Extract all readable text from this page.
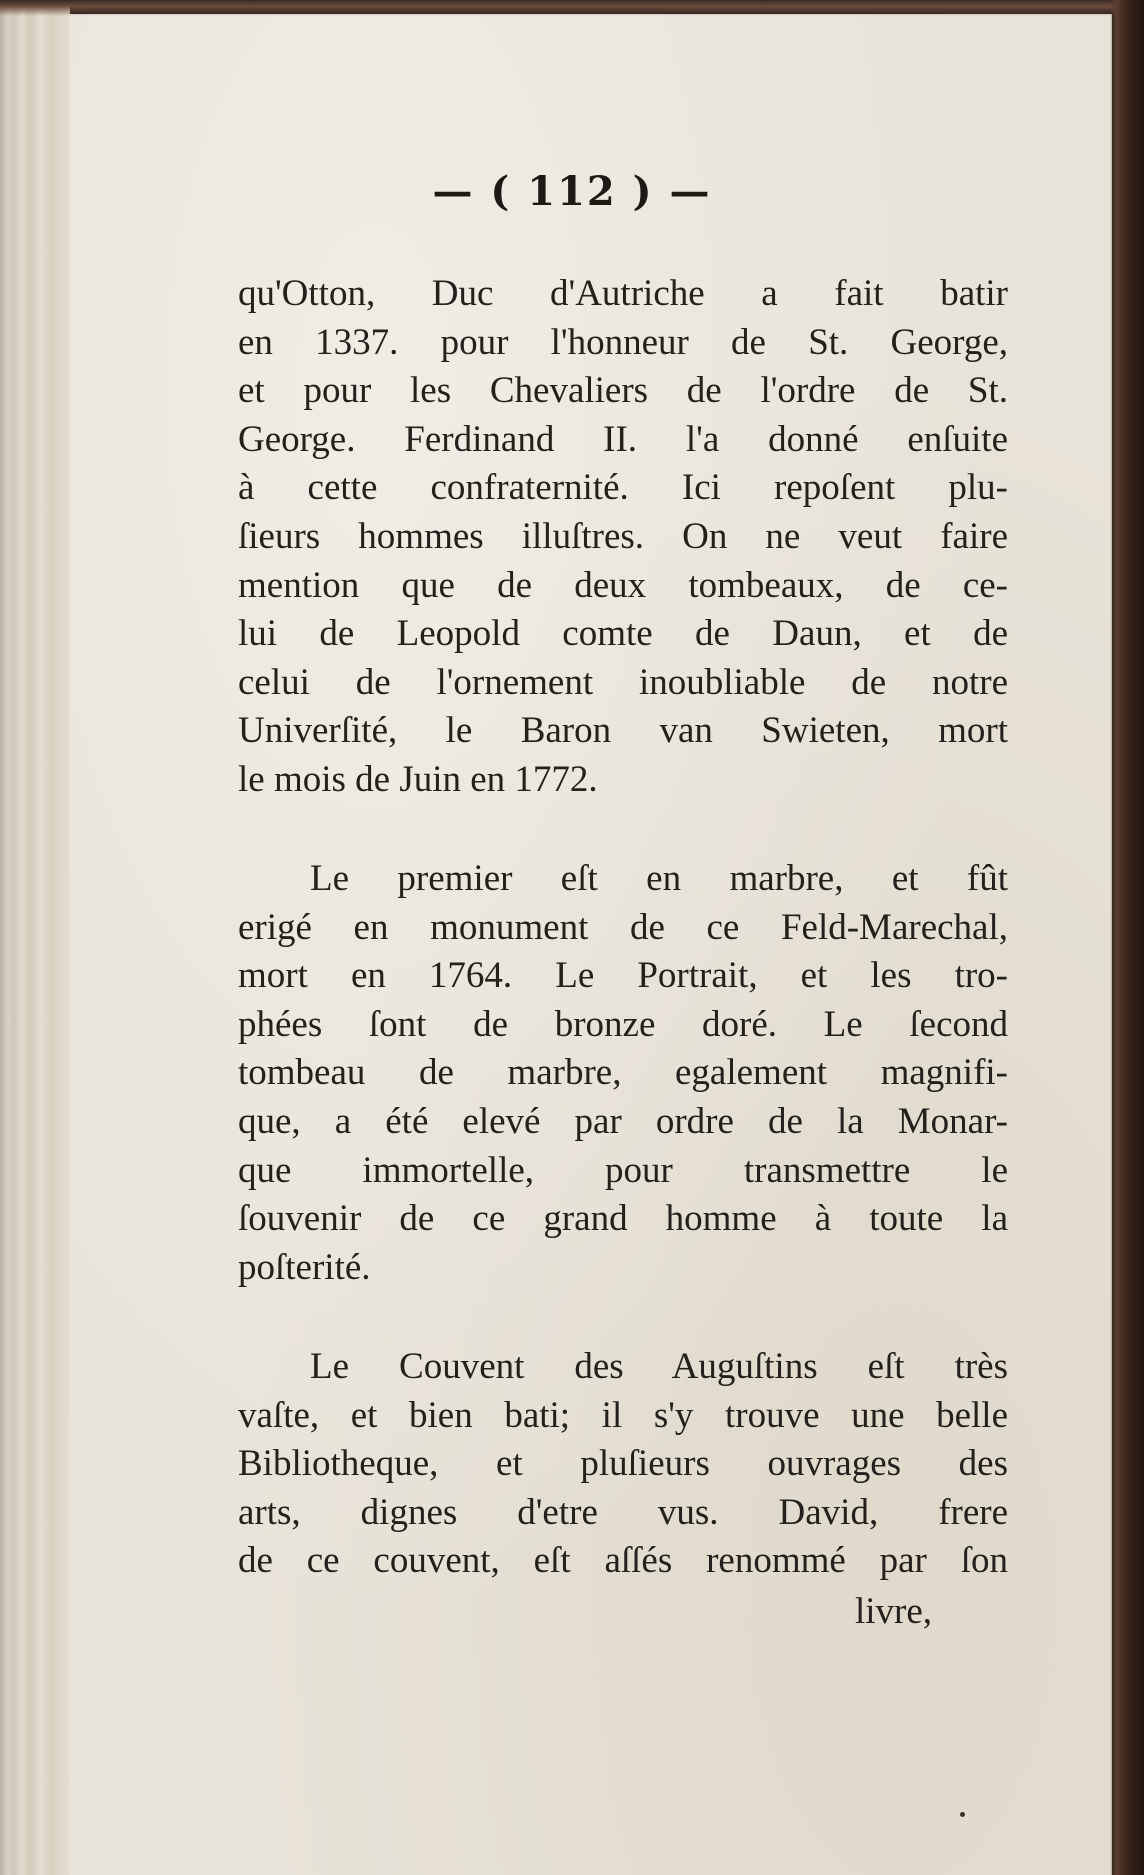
— ( 112 ) —
qu'Otton, Duc d'Autriche a fait batir
en 1337. pour l'honneur de St. George,
et pour les Chevaliers de l'ordre de St.
George. Ferdinand II. l'a donné enſuite
à cette confraternité. Ici repoſent plu-
ſieurs hommes illuſtres. On ne veut faire
mention que de deux tombeaux, de ce-
lui de Leopold comte de Daun, et de
celui de l'ornement inoubliable de notre
Univerſité, le Baron van Swieten, mort
le mois de Juin en 1772.
Le premier eſt en marbre, et fût
erigé en monument de ce Feld-Marechal,
mort en 1764. Le Portrait, et les tro-
phées ſont de bronze doré. Le ſecond
tombeau de marbre, egalement magnifi-
que, a été elevé par ordre de la Monar-
que immortelle, pour transmettre le
ſouvenir de ce grand homme à toute la
poſterité.
Le Couvent des Auguſtins eſt très
vaſte, et bien bati; il s'y trouve une belle
Bibliotheque, et pluſieurs ouvrages des
arts, dignes d'etre vus. David, frere
de ce couvent, eſt aſſés renommé par ſon
livre,
